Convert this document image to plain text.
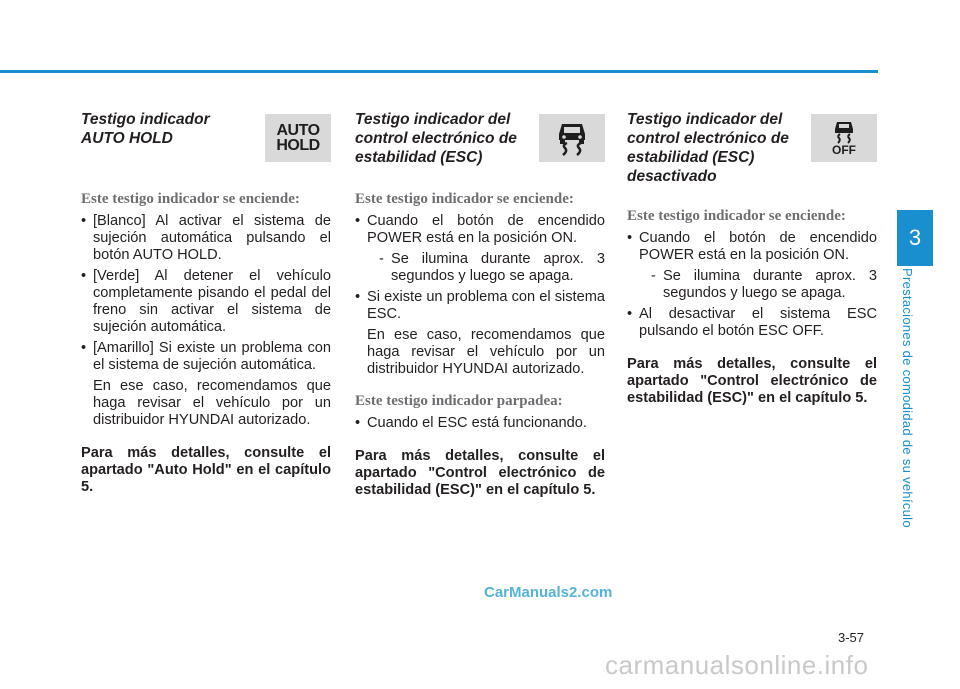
Testigo indicador
AUTO HOLD	AUTO
HOLD
Este testigo indicador se enciende:
• [Blanco] Al activar el sistema de sujeción automática pulsando el botón AUTO HOLD.
• [Verde] Al detener el vehículo completamente pisando el pedal del freno sin activar el sistema de sujeción automática.
• [Amarillo] Si existe un problema con el sistema de sujeción automática.
En ese caso, recomendamos que haga revisar el vehículo por un distribuidor HYUNDAI autorizado.
Para más detalles, consulte el apartado "Auto Hold" en el capítulo 5.
Testigo indicador del control electrónico de estabilidad (ESC)
Este testigo indicador se enciende:
• Cuando el botón de encendido POWER está en la posición ON.
- Se ilumina durante aprox. 3 segundos y luego se apaga.
• Si existe un problema con el sistema ESC.
En ese caso, recomendamos que haga revisar el vehículo por un distribuidor HYUNDAI autorizado.
Este testigo indicador parpadea:
• Cuando el ESC está funcionando.
Para más detalles, consulte el apartado "Control electrónico de estabilidad (ESC)" en el capítulo 5.
Testigo indicador del control electrónico de estabilidad (ESC) desactivado
OFF
Este testigo indicador se enciende:
• Cuando el botón de encendido POWER está en la posición ON.
- Se ilumina durante aprox. 3 segundos y luego se apaga.
• Al desactivar el sistema ESC pulsando el botón ESC OFF.
Para más detalles, consulte el apartado "Control electrónico de estabilidad (ESC)" en el capítulo 5.
3
Prestaciones de comodidad de su vehículo
3-57
CarManuals2.com
carmanualsonline.info
